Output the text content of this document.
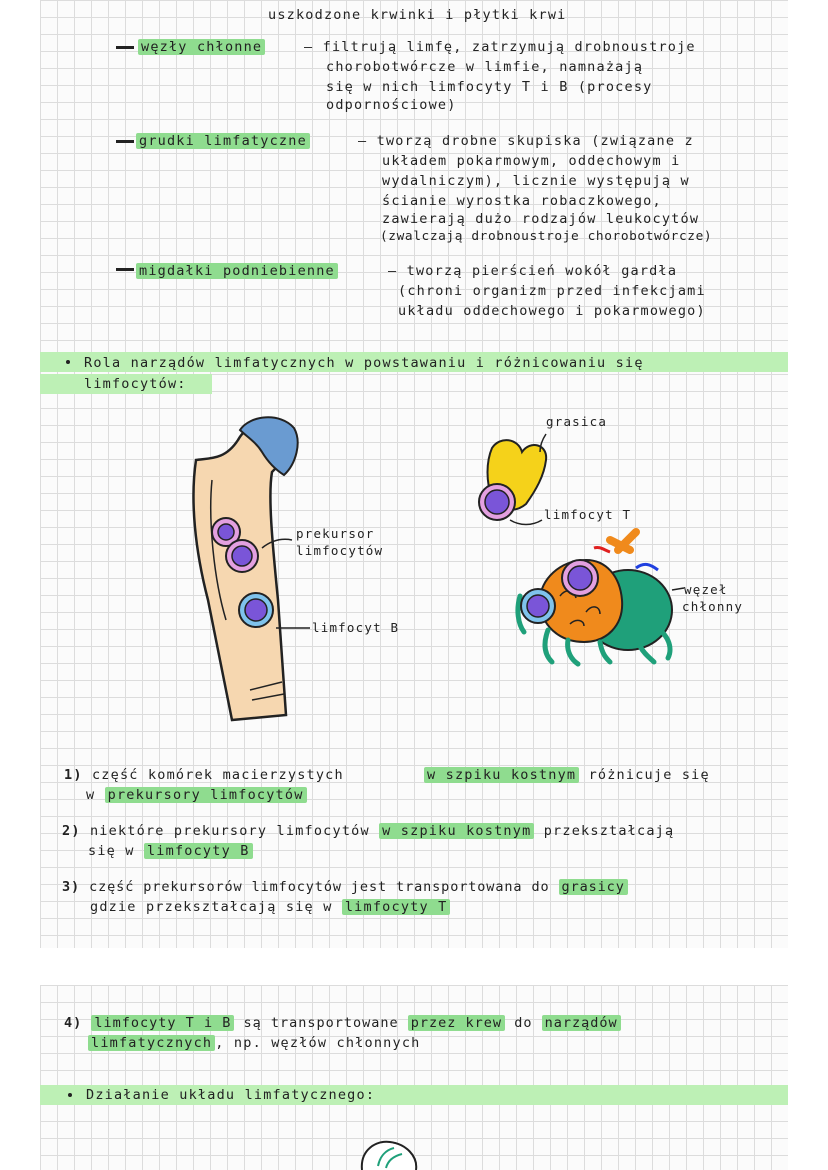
uszkodzone krwinki i płytki krwi
węzły chłonne	– filtrują limfę, zatrzymują drobnoustroje
chorobotwórcze w limfie, namnażają
się w nich limfocyty T i B (procesy
odpornościowe)
grudki limfatyczne	– tworzą drobne skupiska (związane z
układem pokarmowym, oddechowym i
wydalniczym), licznie występują w
ścianie wyrostka robaczkowego,
zawierają dużo rodzajów leukocytów
(zwalczają drobnoustroje chorobotwórcze)
migdałki podniebienne	– tworzą pierścień wokół gardła
(chroni organizm przed infekcjami
układu oddechowego i pokarmowego)
Rola narządów limfatycznych w powstawaniu i różnicowaniu się
limfocytów:
prekursor
limfocytów
limfocyt B
grasica
limfocyt T
węzeł
chłonny
1) część komórek macierzystych	w szpiku kostnym różnicuje się
w prekursory limfocytów
2) niektóre prekursory limfocytów w szpiku kostnym przekształcają
się w limfocyty B
3) część prekursorów limfocytów jest transportowana do grasicy
gdzie przekształcają się w limfocyty T
4) limfocyty T i B są transportowane przez krew do narządów
limfatycznych , np. węzłów chłonnych
Działanie układu limfatycznego:
